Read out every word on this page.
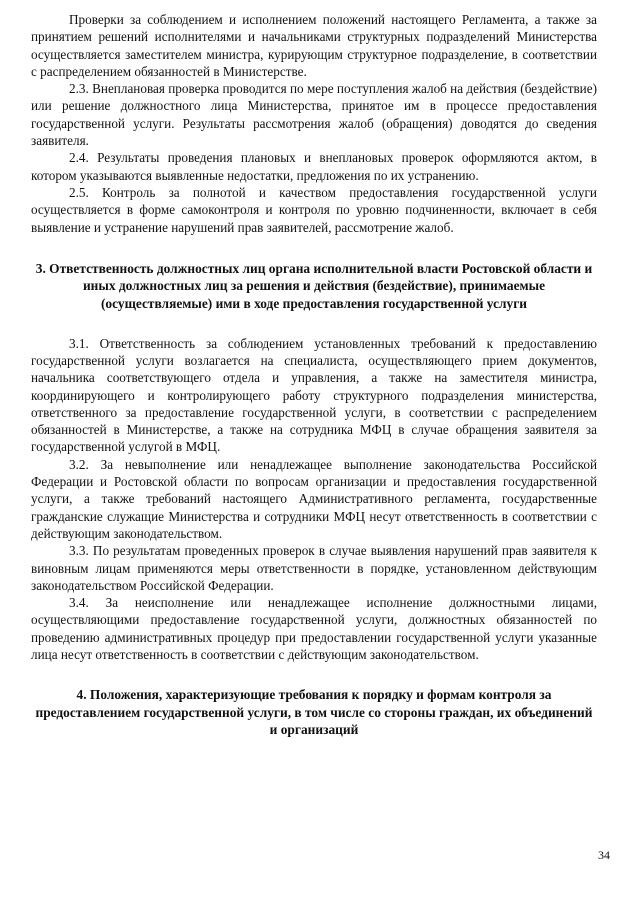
Проверки за соблюдением и исполнением положений настоящего Регламента, а также за принятием решений исполнителями и начальниками структурных подразделений Министерства осуществляется заместителем министра, курирующим структурное подразделение, в соответствии с распределением обязанностей в Министерстве.

2.3. Внеплановая проверка проводится по мере поступления жалоб на действия (бездействие) или решение должностного лица Министерства, принятое им в процессе предоставления государственной услуги. Результаты рассмотрения жалоб (обращения) доводятся до сведения заявителя.

2.4. Результаты проведения плановых и внеплановых проверок оформляются актом, в котором указываются выявленные недостатки, предложения по их устранению.

2.5. Контроль за полнотой и качеством предоставления государственной услуги осуществляется в форме самоконтроля и контроля по уровню подчиненности, включает в себя выявление и устранение нарушений прав заявителей, рассмотрение жалоб.

3. Ответственность должностных лиц органа исполнительной власти Ростовской области и иных должностных лиц за решения и действия (бездействие), принимаемые (осуществляемые) ими в ходе предоставления государственной услуги

3.1. Ответственность за соблюдением установленных требований к предоставлению государственной услуги возлагается на специалиста, осуществляющего прием документов, начальника соответствующего отдела и управления, а также на заместителя министра, координирующего и контролирующего работу структурного подразделения министерства, ответственного за предоставление государственной услуги, в соответствии с распределением обязанностей в Министерстве, а также на сотрудника МФЦ в случае обращения заявителя за государственной услугой в МФЦ.

3.2. За невыполнение или ненадлежащее выполнение законодательства Российской Федерации и Ростовской области по вопросам организации и предоставления государственной услуги, а также требований настоящего Административного регламента, государственные гражданские служащие Министерства и сотрудники МФЦ несут ответственность в соответствии с действующим законодательством.

3.3. По результатам проведенных проверок в случае выявления нарушений прав заявителя к виновным лицам применяются меры ответственности в порядке, установленном действующим законодательством Российской Федерации.

3.4. За неисполнение или ненадлежащее исполнение должностными лицами, осуществляющими предоставление государственной услуги, должностных обязанностей по проведению административных процедур при предоставлении государственной услуги указанные лица несут ответственность в соответствии с действующим законодательством.

4. Положения, характеризующие требования к порядку и формам контроля за предоставлением государственной услуги, в том числе со стороны граждан, их объединений и организаций

34
